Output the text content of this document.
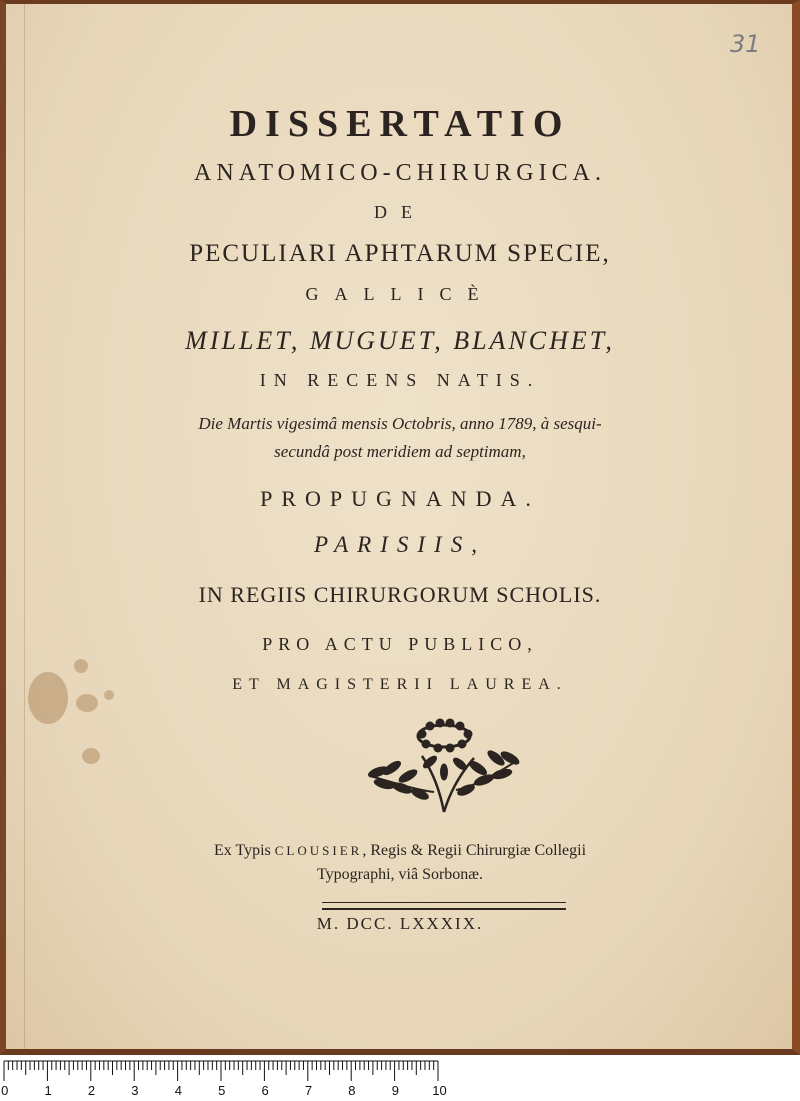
31
DISSERTATIO
ANATOMICO-CHIRURGICA.
DE
PECULIARI APHTARUM SPECIE,
GALLICÈ
MILLET, MUGUET, BLANCHET,
IN RECENS NATIS.
Die Martis vigesimâ mensis Octobris, anno 1789, à sesqui-
secundâ post meridiem ad septimam,
PROPUGNANDA.
PARISIIS,
IN REGIIS CHIRURGORUM SCHOLIS.
PRO ACTU PUBLICO,
ET MAGISTERII LAUREA.
Ex Typis CLOUSIER, Regis & Regii Chirurgiæ Collegii
Typographi, viâ Sorbonæ.
M. DCC. LXXXIX.
0	1	2	3	4	5	6	7	8	9	10
